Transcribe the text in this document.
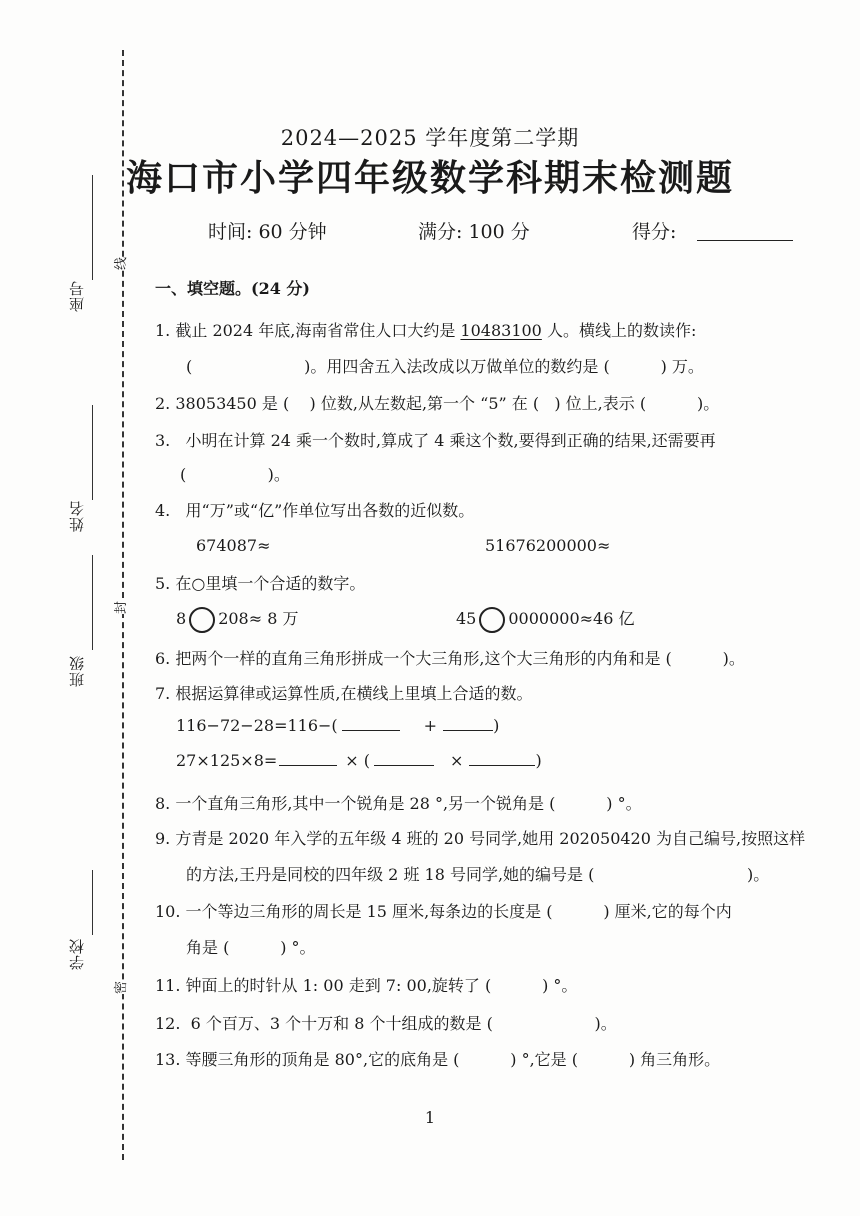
座号
姓名
班级
学校
线
封
密
2024—2025 学年度第二学期
海口市小学四年级数学科期末检测题
时间: 60 分钟	满分: 100 分	得分:
一、填空题。(24 分)
1. 截止 2024 年底,海南省常住人口大约是 10483100 人。横线上的数读作:
(                      )。用四舍五入法改成以万做单位的数约是 (          ) 万。
2. 38053450 是 (    ) 位数,从左数起,第一个 “5” 在 (   ) 位上,表示 (          )。
3.   小明在计算 24 乘一个数时,算成了 4 乘这个数,要得到正确的结果,还需要再
(                )。
4.   用“万”或“亿”作单位写出各数的近似数。
674087≈	51676200000≈
5. 在○里填一个合适的数字。
8 208≈ 8 万	45 0000000≈46 亿
6. 把两个一样的直角三角形拼成一个大三角形,这个大三角形的内角和是 (          )。
7. 根据运算律或运算性质,在横线上里填上合适的数。
116−72−28=116−(	+	)
27×125×8=	× (	×	)
8. 一个直角三角形,其中一个锐角是 28 °,另一个锐角是 (          ) °。
9. 方青是 2020 年入学的五年级 4 班的 20 号同学,她用 202050420 为自己编号,按照这样
的方法,王丹是同校的四年级 2 班 18 号同学,她的编号是 (                              )。
10. 一个等边三角形的周长是 15 厘米,每条边的长度是 (          ) 厘米,它的每个内
角是 (          ) °。
11. 钟面上的时针从 1: 00 走到 7: 00,旋转了 (          ) °。
12.  6 个百万、3 个十万和 8 个十组成的数是 (                    )。
13. 等腰三角形的顶角是 80°,它的底角是 (          ) °,它是 (          ) 角三角形。
1
